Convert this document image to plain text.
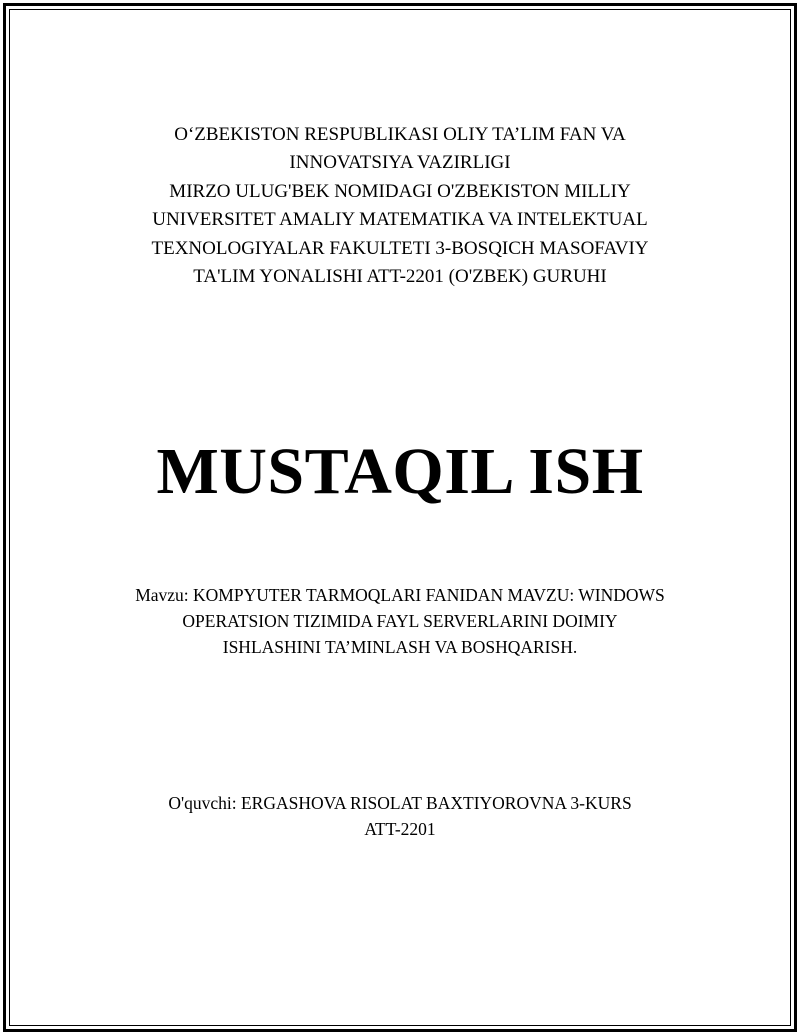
O‘ZBEKISTON RESPUBLIKASI OLIY TA’LIM FAN VA
INNOVATSIYA VAZIRLIGI
MIRZO ULUG'BEK NOMIDAGI O'ZBEKISTON MILLIY
UNIVERSITET AMALIY MATEMATIKA VA INTELEKTUAL
TEXNOLOGIYALAR FAKULTETI 3-BOSQICH MASOFAVIY
TA'LIM YONALISHI ATT-2201 (O'ZBEK) GURUHI
MUSTAQIL ISH
Mavzu: KOMPYUTER TARMOQLARI FANIDAN MAVZU: WINDOWS
OPERATSION TIZIMIDA FAYL SERVERLARINI DOIMIY
ISHLASHINI TA’MINLASH VA BOSHQARISH.
O'quvchi: ERGASHOVA RISOLAT BAXTIYOROVNA 3-KURS
ATT-2201
